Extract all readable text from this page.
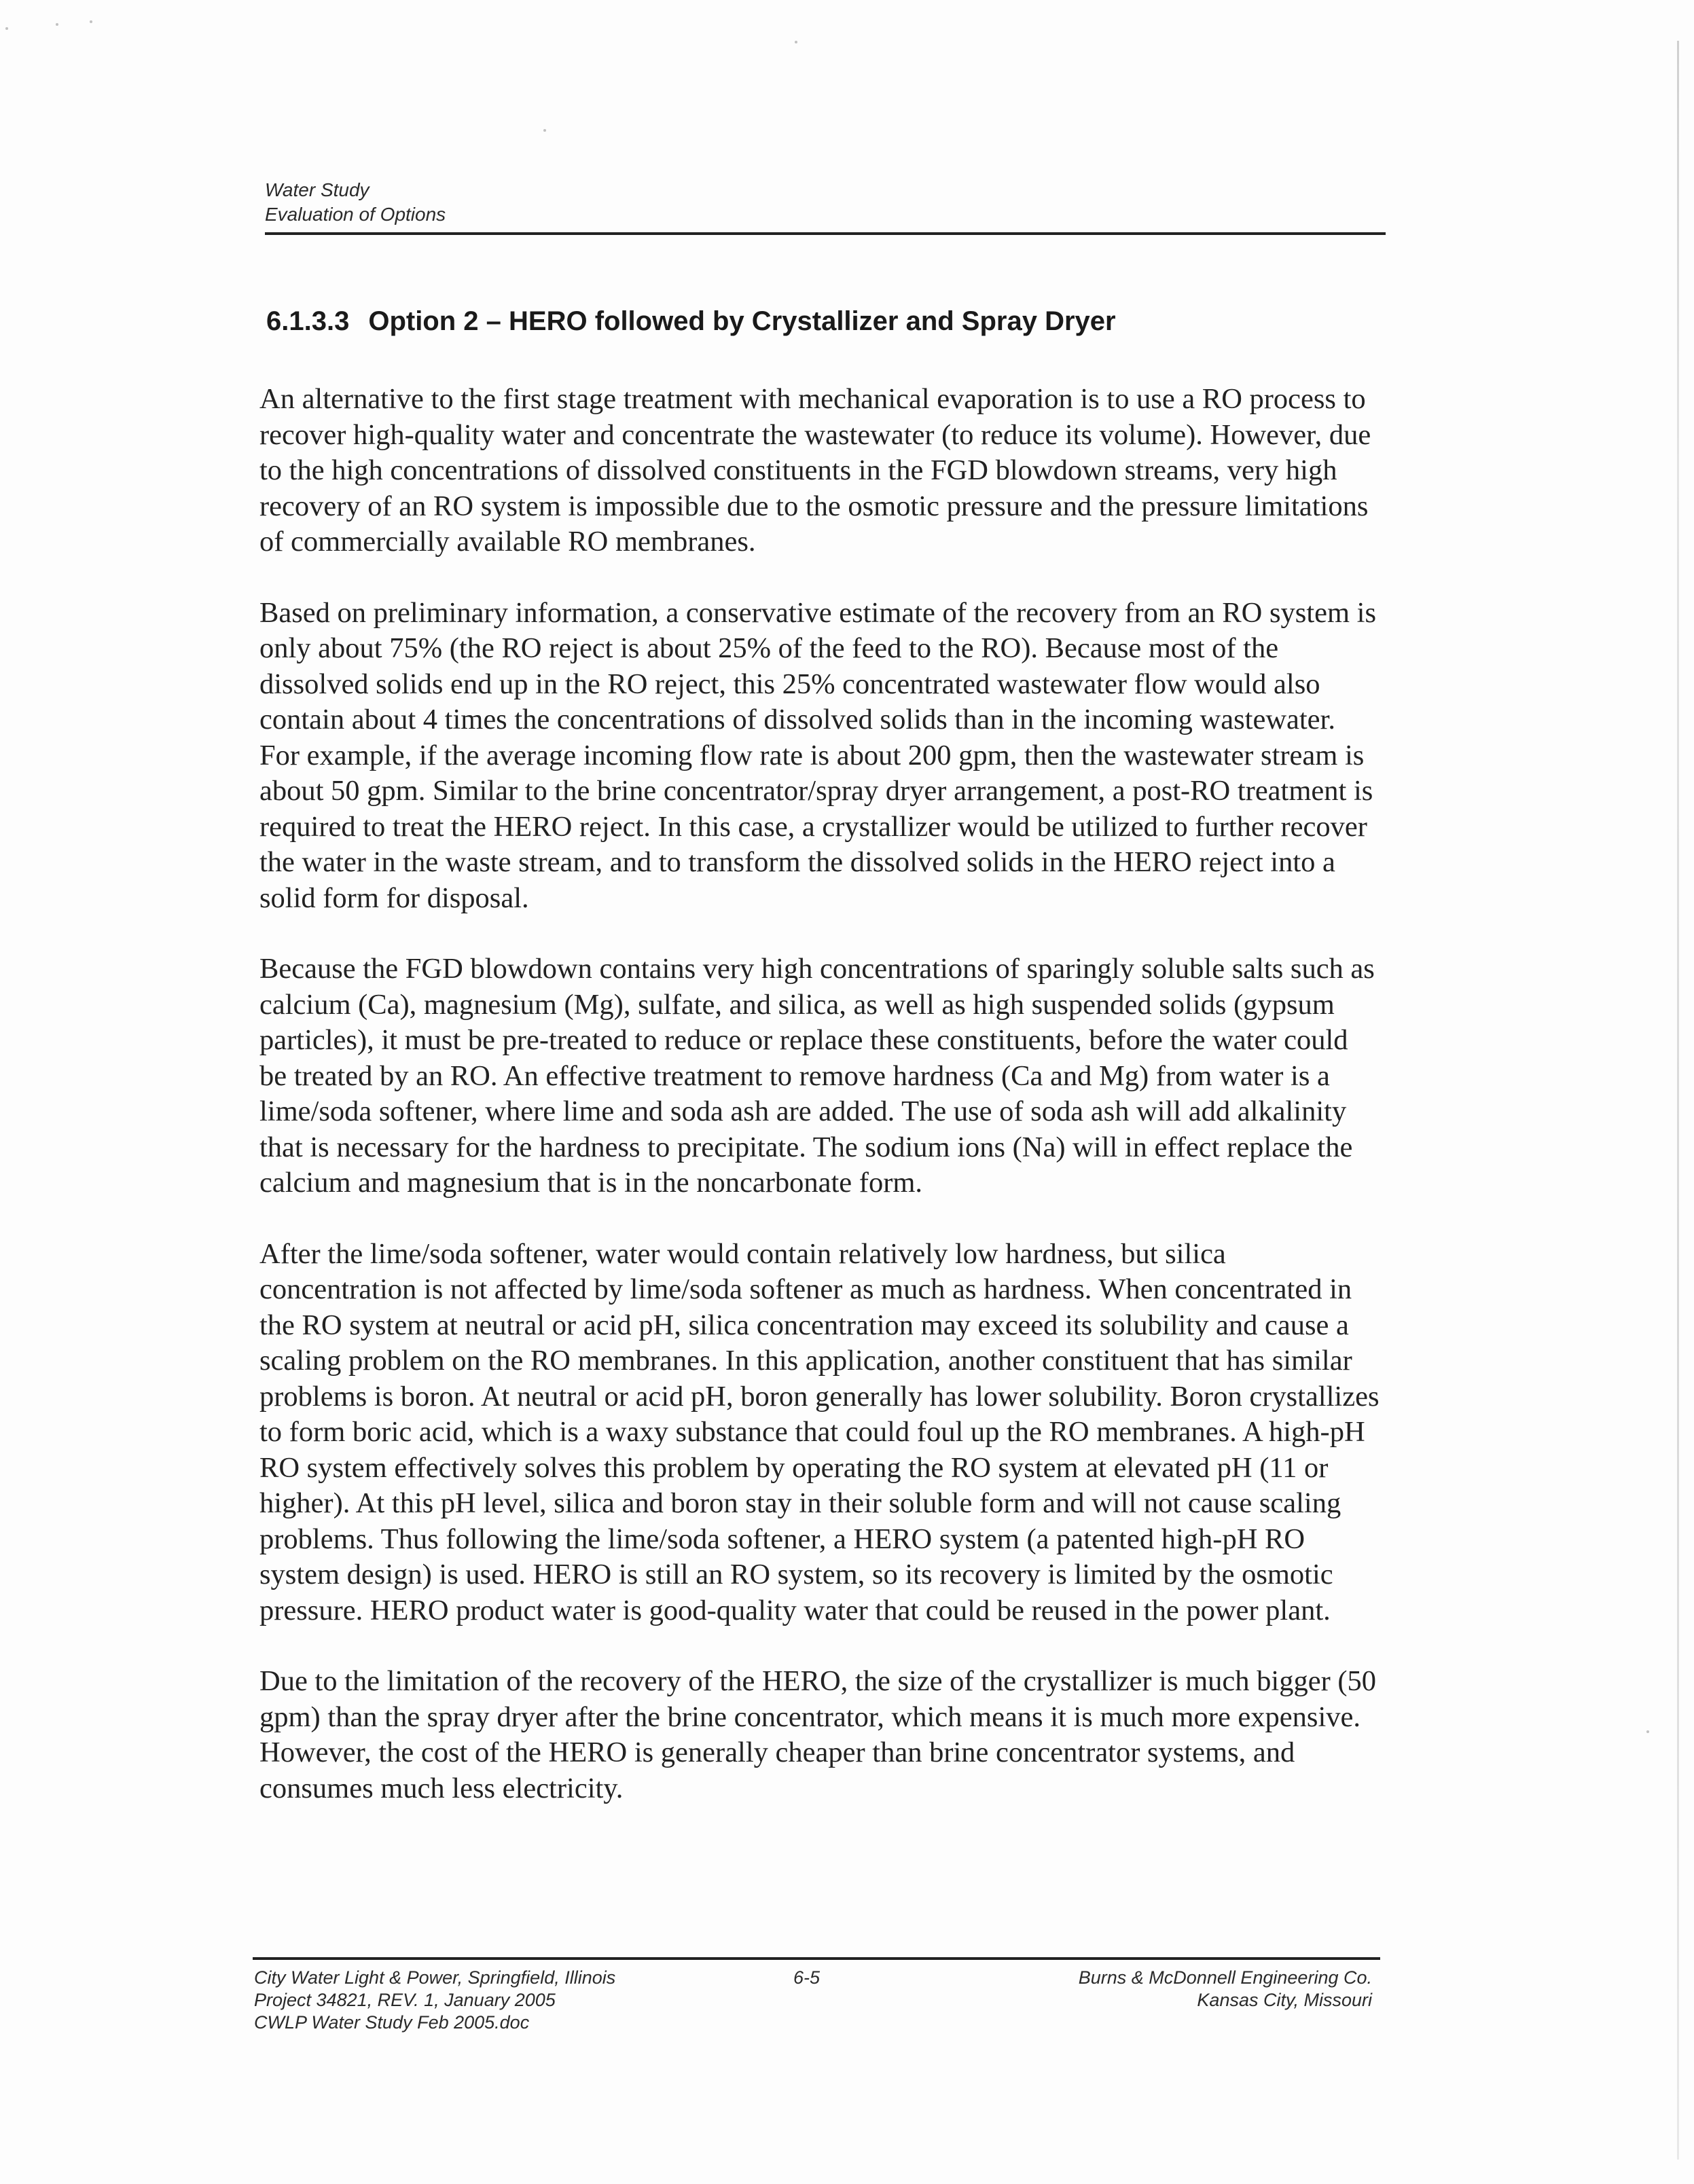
Water Study
Evaluation of Options
6.1.3.3 Option 2 – HERO followed by Crystallizer and Spray Dryer

An alternative to the first stage treatment with mechanical evaporation is to use a RO process to recover high-quality water and concentrate the wastewater (to reduce its volume). However, due to the high concentrations of dissolved constituents in the FGD blowdown streams, very high recovery of an RO system is impossible due to the osmotic pressure and the pressure limitations of commercially available RO membranes.

Based on preliminary information, a conservative estimate of the recovery from an RO system is only about 75% (the RO reject is about 25% of the feed to the RO). Because most of the dissolved solids end up in the RO reject, this 25% concentrated wastewater flow would also contain about 4 times the concentrations of dissolved solids than in the incoming wastewater. For example, if the average incoming flow rate is about 200 gpm, then the wastewater stream is about 50 gpm. Similar to the brine concentrator/spray dryer arrangement, a post-RO treatment is required to treat the HERO reject. In this case, a crystallizer would be utilized to further recover the water in the waste stream, and to transform the dissolved solids in the HERO reject into a solid form for disposal.

Because the FGD blowdown contains very high concentrations of sparingly soluble salts such as calcium (Ca), magnesium (Mg), sulfate, and silica, as well as high suspended solids (gypsum particles), it must be pre-treated to reduce or replace these constituents, before the water could be treated by an RO. An effective treatment to remove hardness (Ca and Mg) from water is a lime/soda softener, where lime and soda ash are added. The use of soda ash will add alkalinity that is necessary for the hardness to precipitate. The sodium ions (Na) will in effect replace the calcium and magnesium that is in the noncarbonate form.

After the lime/soda softener, water would contain relatively low hardness, but silica concentration is not affected by lime/soda softener as much as hardness. When concentrated in the RO system at neutral or acid pH, silica concentration may exceed its solubility and cause a scaling problem on the RO membranes. In this application, another constituent that has similar problems is boron. At neutral or acid pH, boron generally has lower solubility. Boron crystallizes to form boric acid, which is a waxy substance that could foul up the RO membranes. A high-pH RO system effectively solves this problem by operating the RO system at elevated pH (11 or higher). At this pH level, silica and boron stay in their soluble form and will not cause scaling problems. Thus following the lime/soda softener, a HERO system (a patented high-pH RO system design) is used. HERO is still an RO system, so its recovery is limited by the osmotic pressure. HERO product water is good-quality water that could be reused in the power plant.

Due to the limitation of the recovery of the HERO, the size of the crystallizer is much bigger (50 gpm) than the spray dryer after the brine concentrator, which means it is much more expensive. However, the cost of the HERO is generally cheaper than brine concentrator systems, and consumes much less electricity.

City Water Light & Power, Springfield, Illinois
Project 34821, REV. 1, January 2005
CWLP Water Study Feb 2005.doc
6-5	Burns & McDonnell Engineering Co.
Kansas City, Missouri
